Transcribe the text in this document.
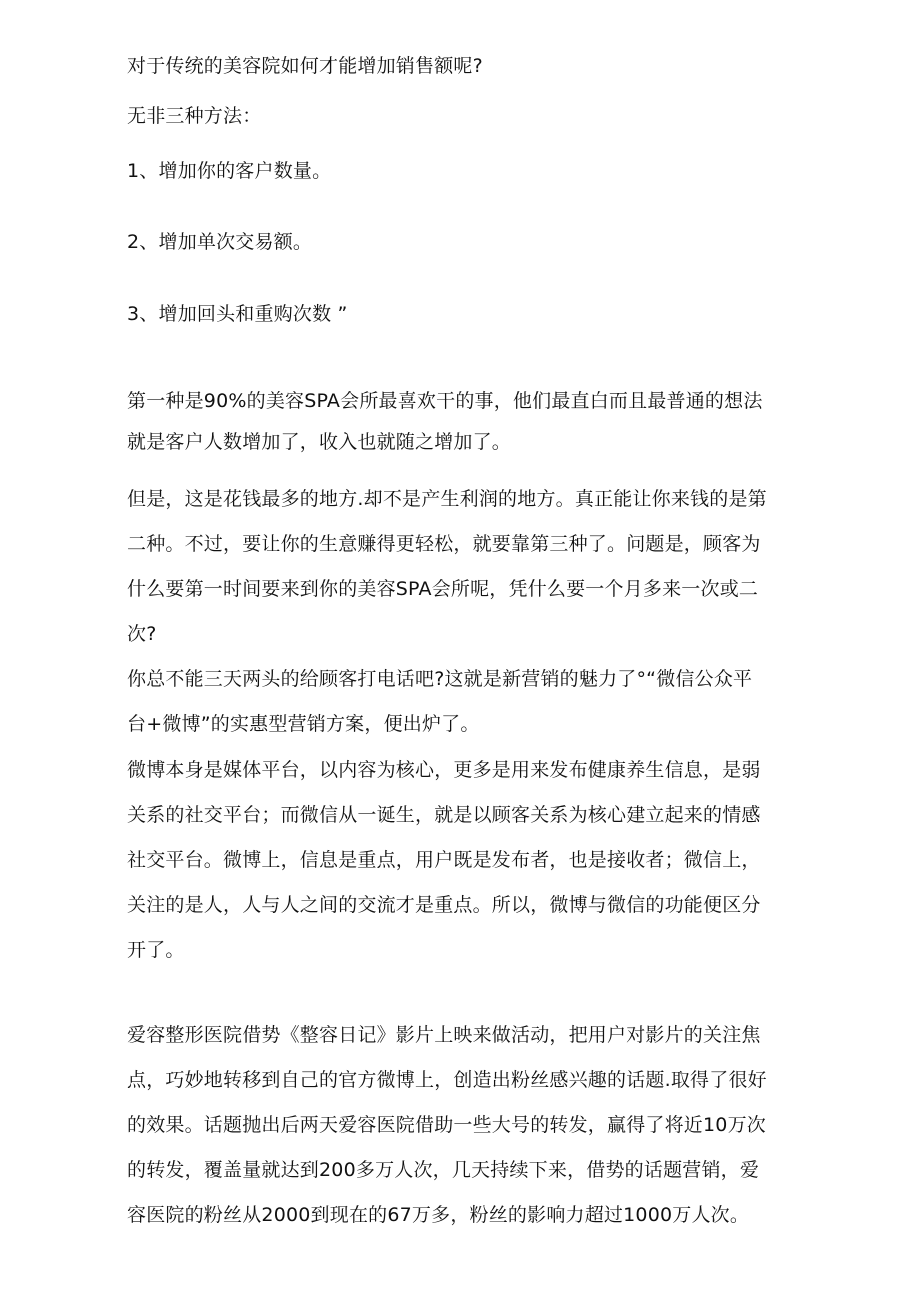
对于传统的美容院如何才能增加销售额呢?
无非三种方法：
1、增加你的客户数量。
2、增加单次交易额。
3、增加回头和重购次数 ”
第一种是90%的美容SPA会所最喜欢干的事，他们最直白而且最普通的想法
就是客户人数增加了，收入也就随之增加了。
但是，这是花钱最多的地方.却不是产生利润的地方。真正能让你来钱的是第
二种。不过，要让你的生意赚得更轻松，就要靠第三种了。问题是，顾客为
什么要第一时间要来到你的美容SPA会所呢，凭什么要一个月多来一次或二
次?
你总不能三天两头的给顾客打电话吧?这就是新营销的魅力了°“微信公众平
台+微博”的实惠型营销方案，便出炉了。
微博本身是媒体平台，以内容为核心，更多是用来发布健康养生信息，是弱
关系的社交平台；而微信从一诞生，就是以顾客关系为核心建立起来的情感
社交平台。微博上，信息是重点，用户既是发布者，也是接收者；微信上，
关注的是人，人与人之间的交流才是重点。所以，微博与微信的功能便区分
开了。
爱容整形医院借势《整容日记》影片上映来做活动，把用户对影片的关注焦
点，巧妙地转移到自己的官方微博上，创造出粉丝感兴趣的话题.取得了很好
的效果。话题抛出后两天爱容医院借助一些大号的转发，赢得了将近10万次
的转发，覆盖量就达到200多万人次，几天持续下来，借势的话题营销，爱
容医院的粉丝从2000到现在的67万多，粉丝的影响力超过1000万人次。
